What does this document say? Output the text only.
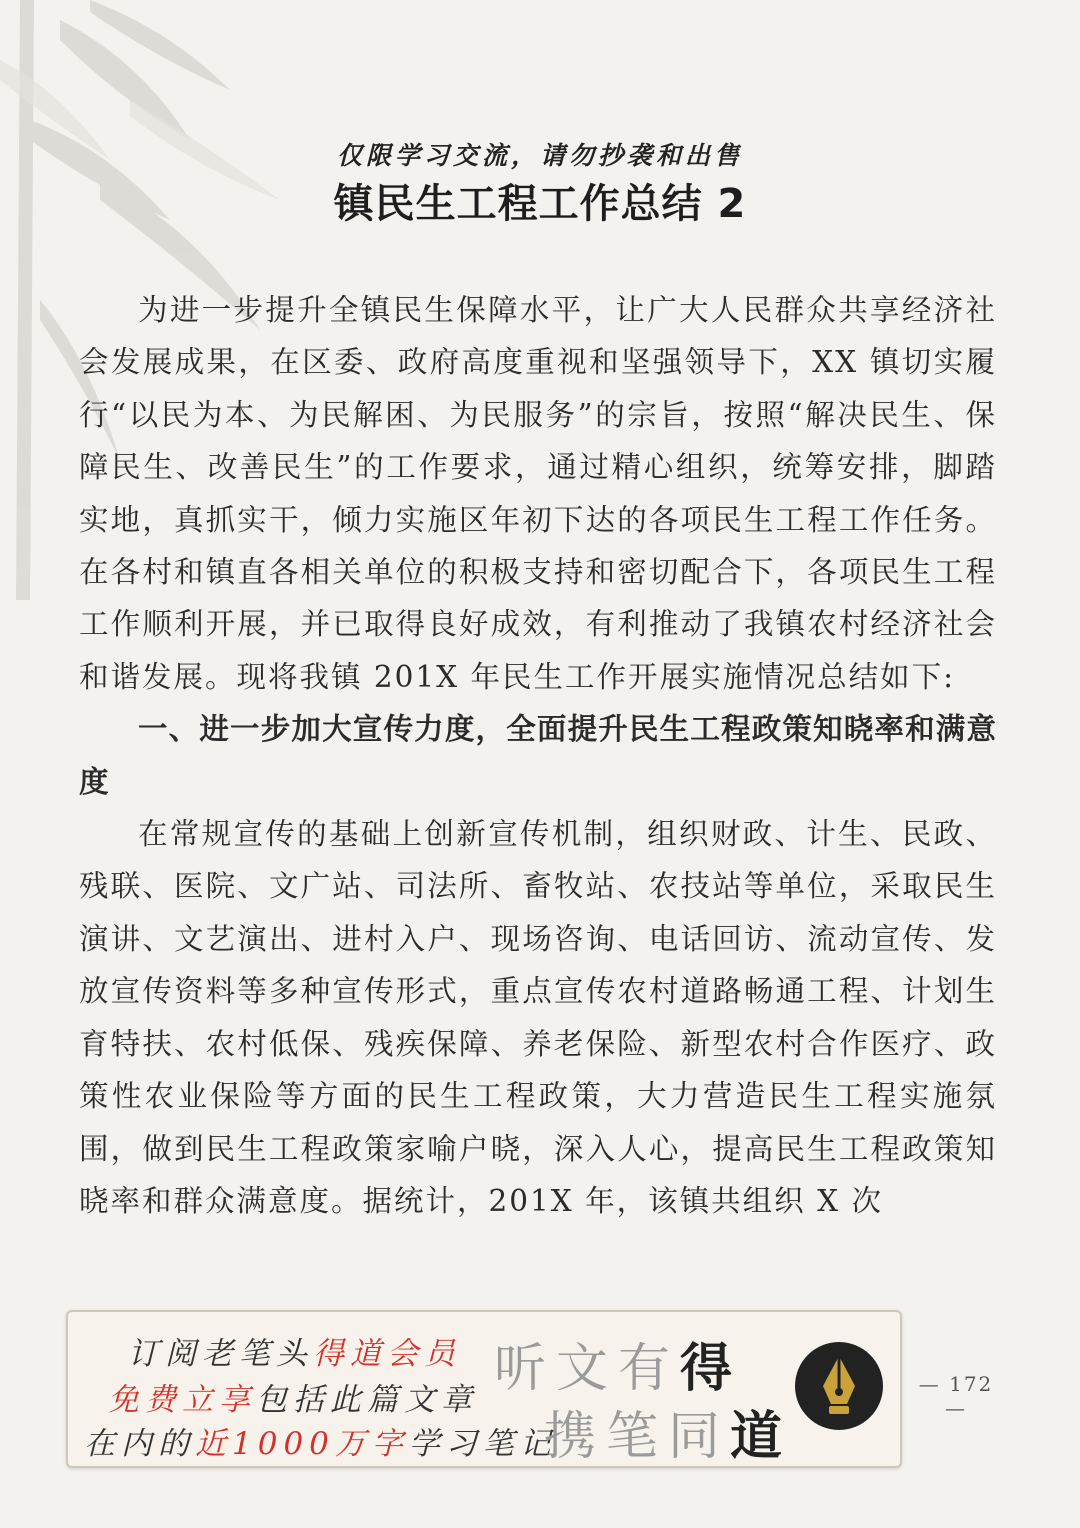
仅限学习交流，请勿抄袭和出售
镇民生工程工作总结 2

为进一步提升全镇民生保障水平，让广大人民群众共享经济社会发展成果，在区委、政府高度重视和坚强领导下，XX 镇切实履行“以民为本、为民解困、为民服务”的宗旨，按照“解决民生、保障民生、改善民生”的工作要求，通过精心组织，统筹安排，脚踏实地，真抓实干，倾力实施区年初下达的各项民生工程工作任务。在各村和镇直各相关单位的积极支持和密切配合下，各项民生工程工作顺利开展，并已取得良好成效，有利推动了我镇农村经济社会和谐发展。现将我镇 201X 年民生工作开展实施情况总结如下:

一、进一步加大宣传力度，全面提升民生工程政策知晓率和满意度

在常规宣传的基础上创新宣传机制，组织财政、计生、民政、残联、医院、文广站、司法所、畜牧站、农技站等单位，采取民生演讲、文艺演出、进村入户、现场咨询、电话回访、流动宣传、发放宣传资料等多种宣传形式，重点宣传农村道路畅通工程、计划生育特扶、农村低保、残疾保障、养老保险、新型农村合作医疗、政策性农业保险等方面的民生工程政策，大力营造民生工程实施氛围，做到民生工程政策家喻户晓，深入人心，提高民生工程政策知晓率和群众满意度。据统计，201X 年，该镇共组织 X 次

订阅老笔头得道会员
免费立享包括此篇文章
在内的近1000万字学习笔记
听文有得
携笔同道
— 172 —
